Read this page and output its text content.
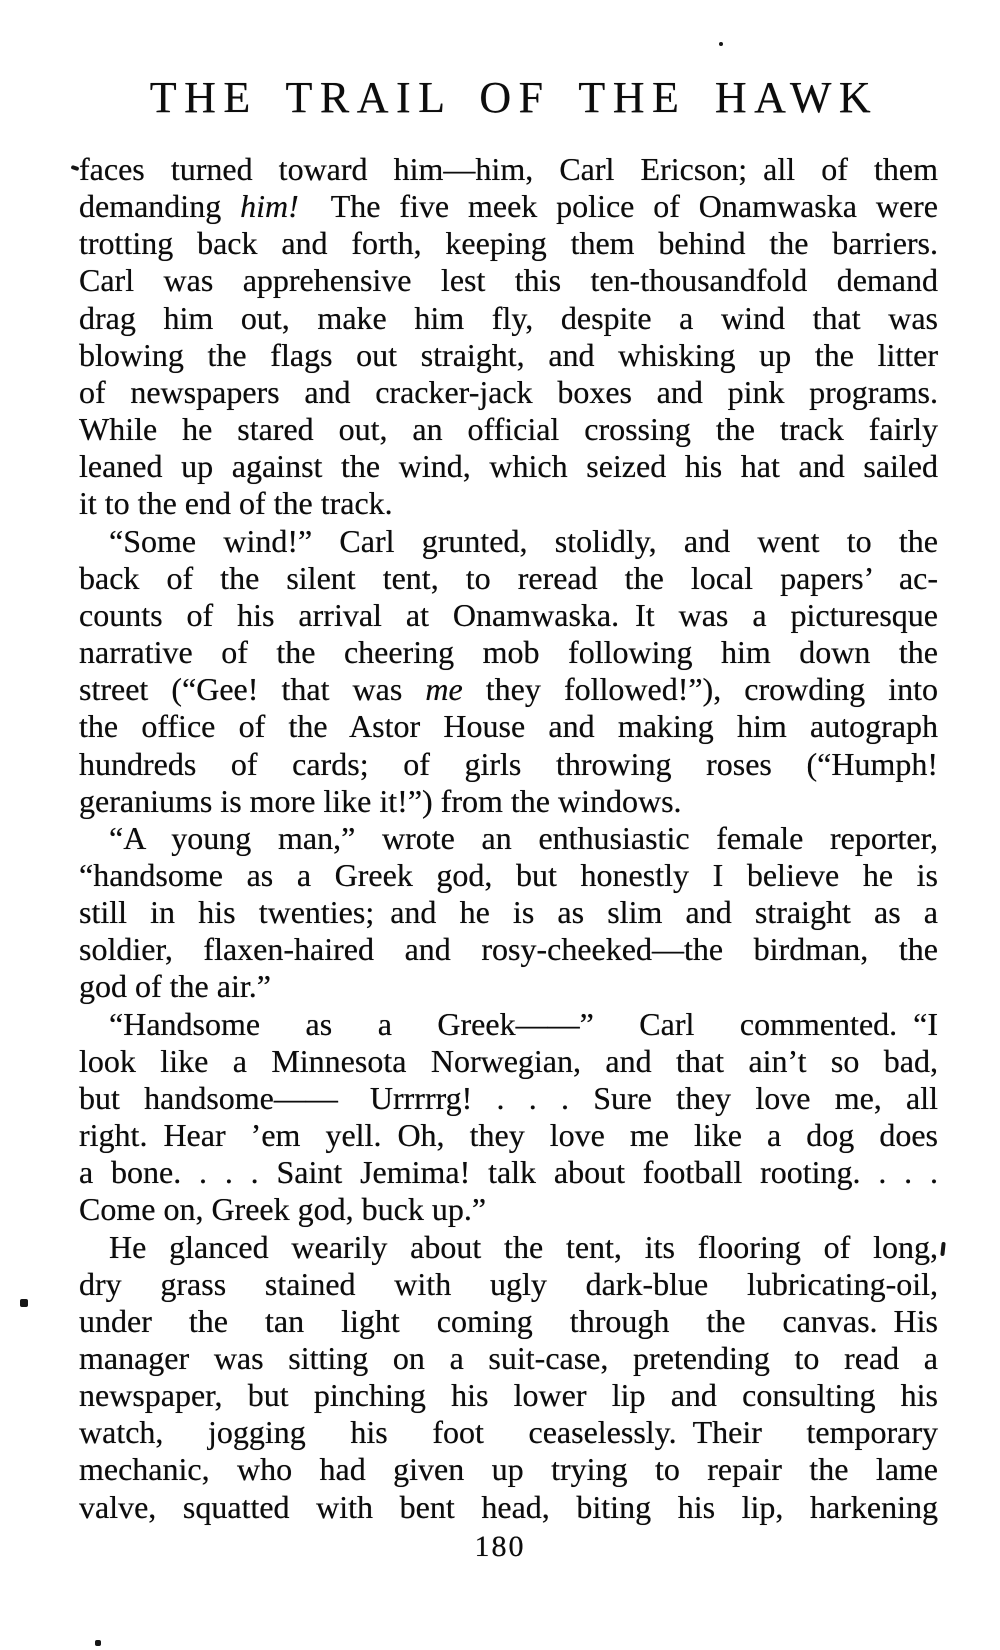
THE TRAIL OF THE HAWK

faces turned toward him—him, Carl Ericson; all of them
demanding him! The five meek police of Onamwaska were
trotting back and forth, keeping them behind the barriers.
Carl was apprehensive lest this ten-thousandfold demand
drag him out, make him fly, despite a wind that was
blowing the flags out straight, and whisking up the litter
of newspapers and cracker-jack boxes and pink programs.
While he stared out, an official crossing the track fairly
leaned up against the wind, which seized his hat and sailed
it to the end of the track.

“Some wind!” Carl grunted, stolidly, and went to the
back of the silent tent, to reread the local papers’ ac-
counts of his arrival at Onamwaska. It was a picturesque
narrative of the cheering mob following him down the
street (“Gee! that was me they followed!”), crowding into
the office of the Astor House and making him autograph
hundreds of cards; of girls throwing roses (“Humph!
geraniums is more like it!”) from the windows.

“A young man,” wrote an enthusiastic female reporter,
“handsome as a Greek god, but honestly I believe he is
still in his twenties; and he is as slim and straight as a
soldier, flaxen-haired and rosy-cheeked—the birdman, the
god of the air.”

“Handsome as a Greek——” Carl commented. “I
look like a Minnesota Norwegian, and that ain’t so bad,
but handsome—— Urrrrrg! . . . Sure they love me, all
right. Hear ’em yell. Oh, they love me like a dog does
a bone. . . . Saint Jemima! talk about football rooting. . . .
Come on, Greek god, buck up.”

He glanced wearily about the tent, its flooring of long,
dry grass stained with ugly dark-blue lubricating-oil,
under the tan light coming through the canvas. His
manager was sitting on a suit-case, pretending to read a
newspaper, but pinching his lower lip and consulting his
watch, jogging his foot ceaselessly. Their temporary
mechanic, who had given up trying to repair the lame
valve, squatted with bent head, biting his lip, harkening

180
